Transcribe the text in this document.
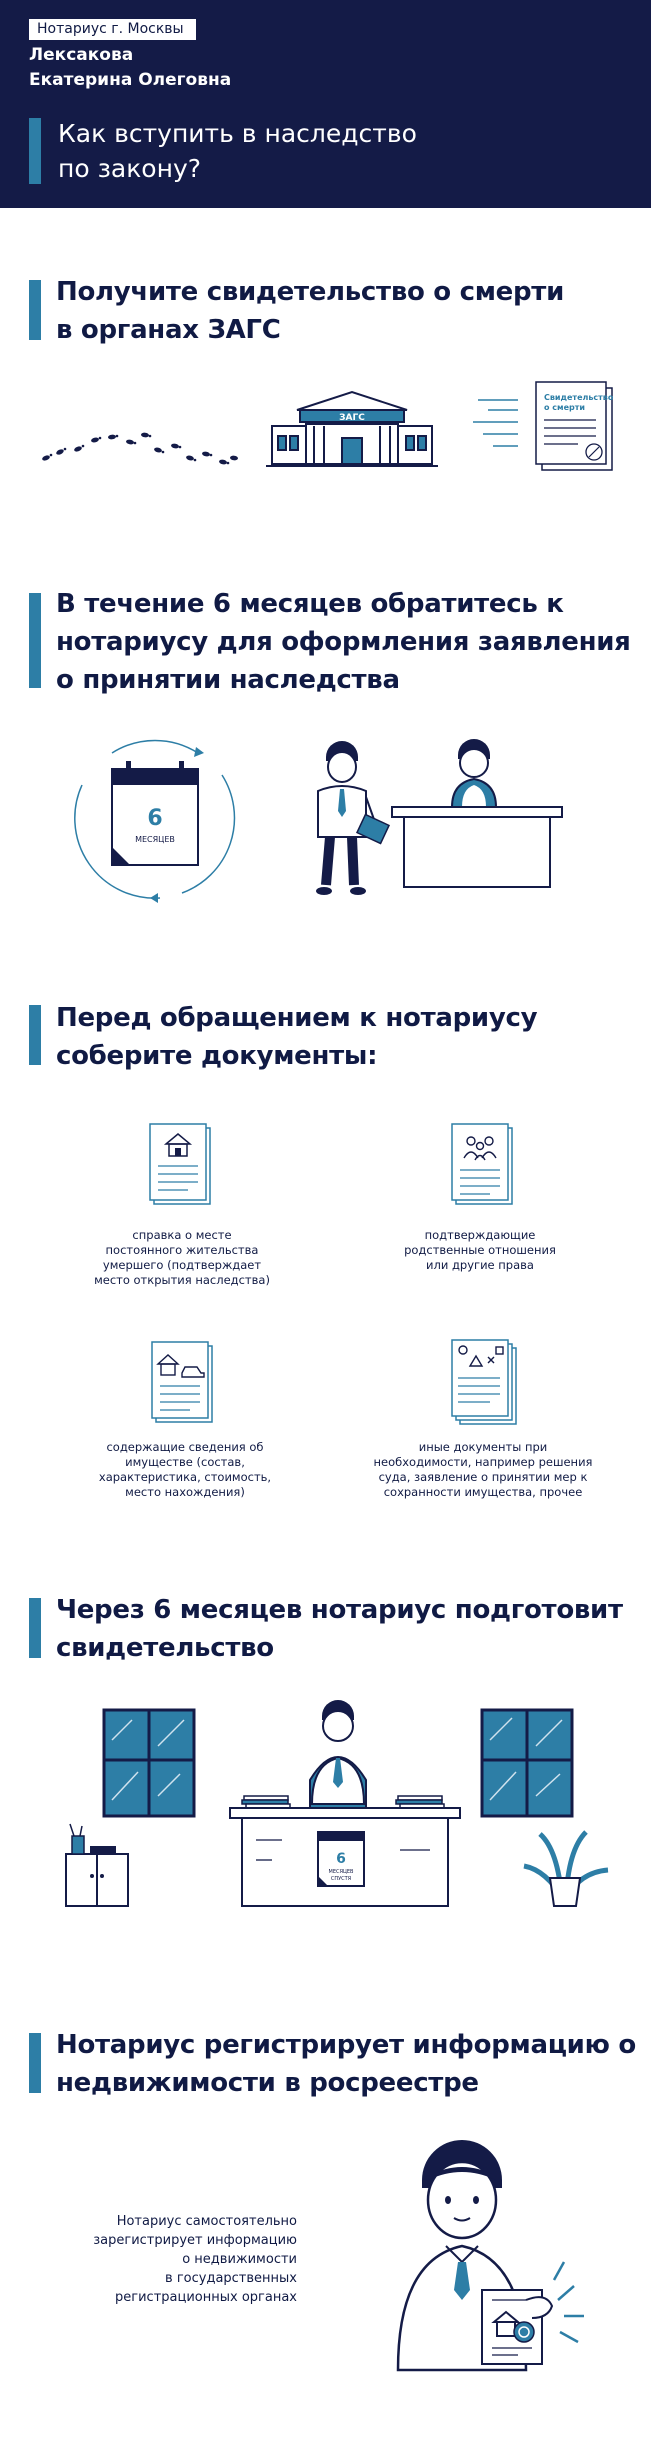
Нотариус г. Москвы
Лексакова
Екатерина Олеговна
Как вступить в наследство
по закону?
Получите свидетельство о смерти
в органах ЗАГС
ЗАГС
Свидетельство
о смерти
В течение 6 месяцев обратитесь к
нотариусу для оформления заявления
о принятии наследства
6
МЕСЯЦЕВ
Перед обращением к нотариусу
соберите документы:
справка о месте
постоянного жительства
умершего (подтверждает
место открытия наследства)
подтверждающие
родственные отношения
или другие права
содержащие сведения об
имуществе (состав,
характеристика, стоимость,
место нахождения)
иные документы при
необходимости, например решения
суда, заявление о принятии мер к
сохранности имущества, прочее
Через 6 месяцев нотариус подготовит
свидетельство
6
МЕСЯЦЕВ
СПУСТЯ
Нотариус регистрирует информацию о
недвижимости в росреестре
Нотариус самостоятельно
зарегистрирует информацию
о недвижимости
в государственных
регистрационных органах
